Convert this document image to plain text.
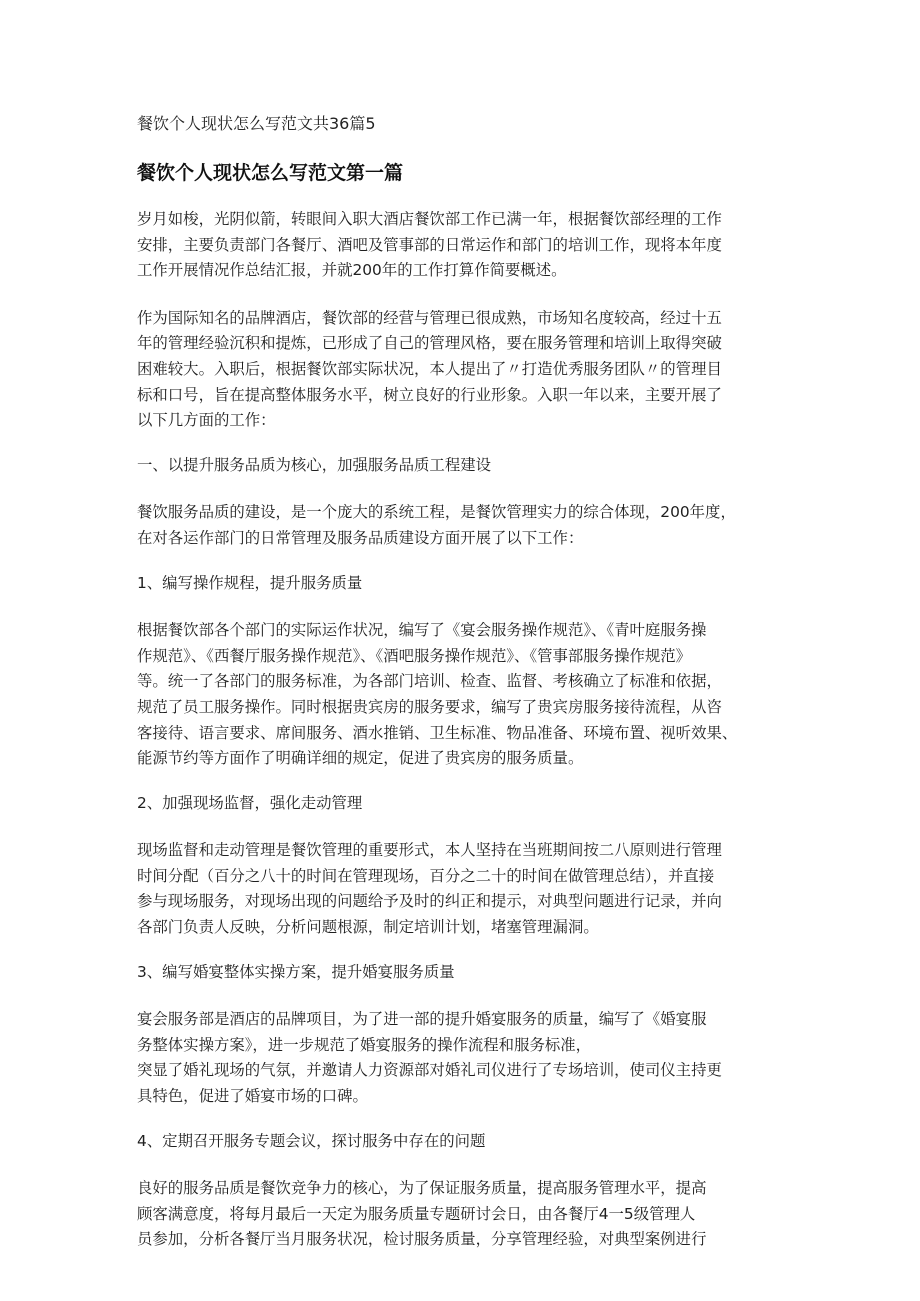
餐饮个人现状怎么写范文共36篇5
餐饮个人现状怎么写范文第一篇
岁月如梭，光阴似箭，转眼间入职大酒店餐饮部工作已满一年，根据餐饮部经理的工作
安排，主要负责部门各餐厅、酒吧及管事部的日常运作和部门的培训工作，现将本年度
工作开展情况作总结汇报，并就200年的工作打算作简要概述。
作为国际知名的品牌酒店，餐饮部的经营与管理已很成熟，市场知名度较高，经过十五
年的管理经验沉积和提炼，已形成了自己的管理风格，要在服务管理和培训上取得突破
困难较大。入职后，根据餐饮部实际状况，本人提出了〃打造优秀服务团队〃的管理目
标和口号，旨在提高整体服务水平，树立良好的行业形象。入职一年以来，主要开展了
以下几方面的工作：
一、以提升服务品质为核心，加强服务品质工程建设
餐饮服务品质的建设，是一个庞大的系统工程，是餐饮管理实力的综合体现，200年度，
在对各运作部门的日常管理及服务品质建设方面开展了以下工作：
1、编写操作规程，提升服务质量
根据餐饮部各个部门的实际运作状况，编写了《宴会服务操作规范》、《青叶庭服务操
作规范》、《西餐厅服务操作规范》、《酒吧服务操作规范》、《管事部服务操作规范》
等。统一了各部门的服务标准，为各部门培训、检查、监督、考核确立了标准和依据，
规范了员工服务操作。同时根据贵宾房的服务要求，编写了贵宾房服务接待流程，从咨
客接待、语言要求、席间服务、酒水推销、卫生标准、物品准备、环境布置、视听效果、
能源节约等方面作了明确详细的规定，促进了贵宾房的服务质量。
2、加强现场监督，强化走动管理
现场监督和走动管理是餐饮管理的重要形式，本人坚持在当班期间按二八原则进行管理
时间分配（百分之八十的时间在管理现场，百分之二十的时间在做管理总结），并直接
参与现场服务，对现场出现的问题给予及时的纠正和提示，对典型问题进行记录，并向
各部门负责人反映，分析问题根源，制定培训计划，堵塞管理漏洞。
3、编写婚宴整体实操方案，提升婚宴服务质量
宴会服务部是酒店的品牌项目，为了进一部的提升婚宴服务的质量，编写了《婚宴服
务整体实操方案》，进一步规范了婚宴服务的操作流程和服务标准，
突显了婚礼现场的气氛，并邀请人力资源部对婚礼司仪进行了专场培训，使司仪主持更
具特色，促进了婚宴市场的口碑。
4、定期召开服务专题会议，探讨服务中存在的问题
良好的服务品质是餐饮竞争力的核心，为了保证服务质量，提高服务管理水平，提高
顾客满意度，将每月最后一天定为服务质量专题研讨会日，由各餐厅4一5级管理人
员参加，分析各餐厅当月服务状况，检讨服务质量，分享管理经验，对典型案例进行
